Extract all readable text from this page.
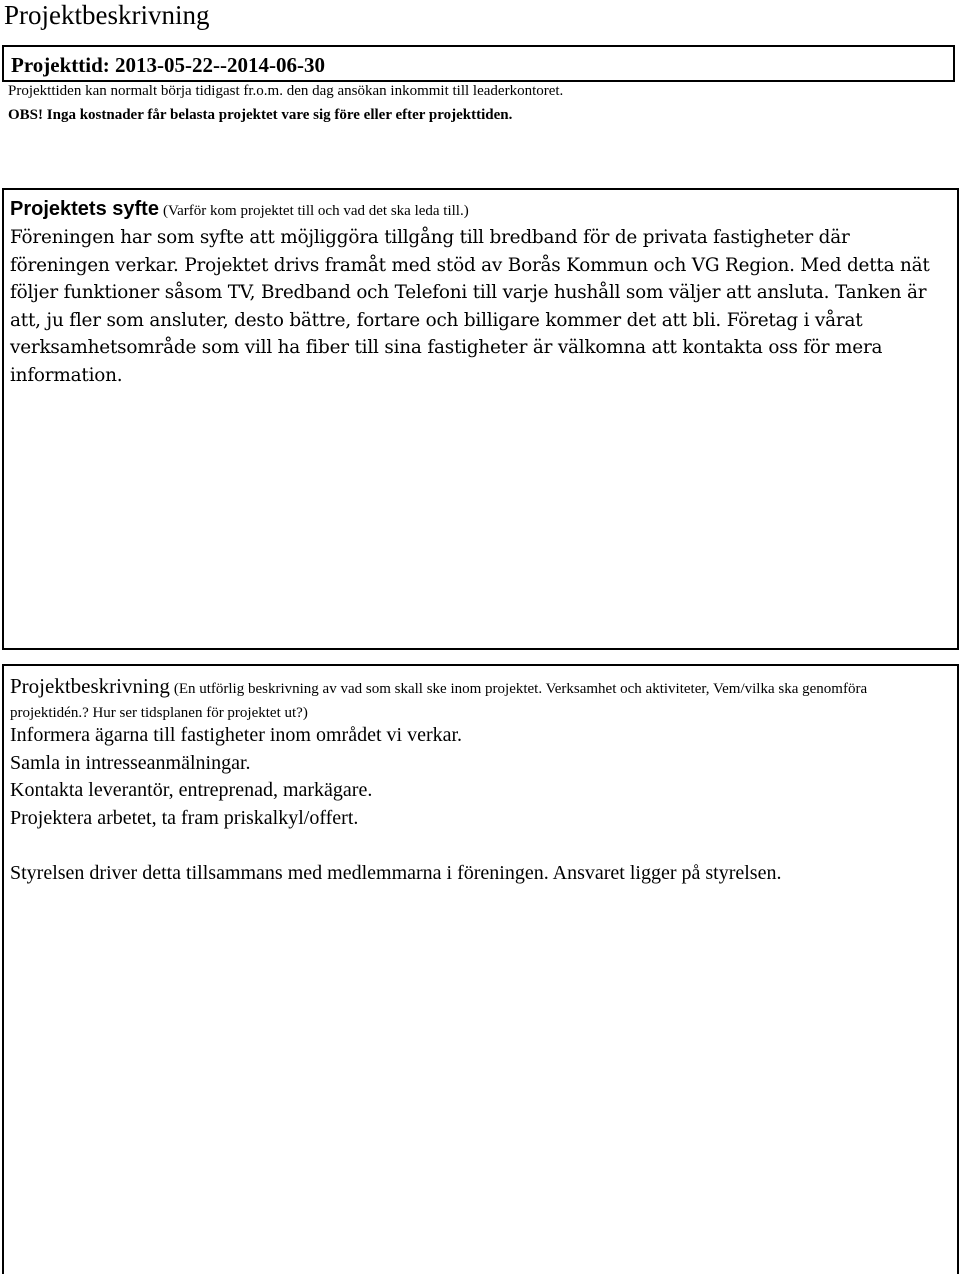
Projektbeskrivning
Projekttid: 2013-05-22--2014-06-30
Projekttiden kan normalt börja tidigast fr.o.m. den dag ansökan inkommit till leaderkontoret.
OBS! Inga kostnader får belasta projektet vare sig före eller efter projekttiden.
Projektets syfte (Varför kom projektet till och vad det ska leda till.)
Föreningen har som syfte att möjliggöra tillgång till bredband för de privata fastigheter där föreningen verkar. Projektet drivs framåt med stöd av Borås Kommun och VG Region. Med detta nät följer funktioner såsom TV, Bredband och Telefoni till varje hushåll som väljer att ansluta. Tanken är att, ju fler som ansluter, desto bättre, fortare och billigare kommer det att bli. Företag i vårat verksamhetsområde som vill ha fiber till sina fastigheter är välkomna att kontakta oss för mera information.
Projektbeskrivning (En utförlig beskrivning av vad som skall ske inom projektet. Verksamhet och aktiviteter, Vem/vilka ska genomföra projektidén.? Hur ser tidsplanen för projektet ut?)
Informera ägarna till fastigheter inom området vi verkar.
Samla in intresseanmälningar.
Kontakta leverantör, entreprenad, markägare.
Projektera arbetet, ta fram priskalkyl/offert.
Styrelsen driver detta tillsammans med medlemmarna i föreningen. Ansvaret ligger på styrelsen.
